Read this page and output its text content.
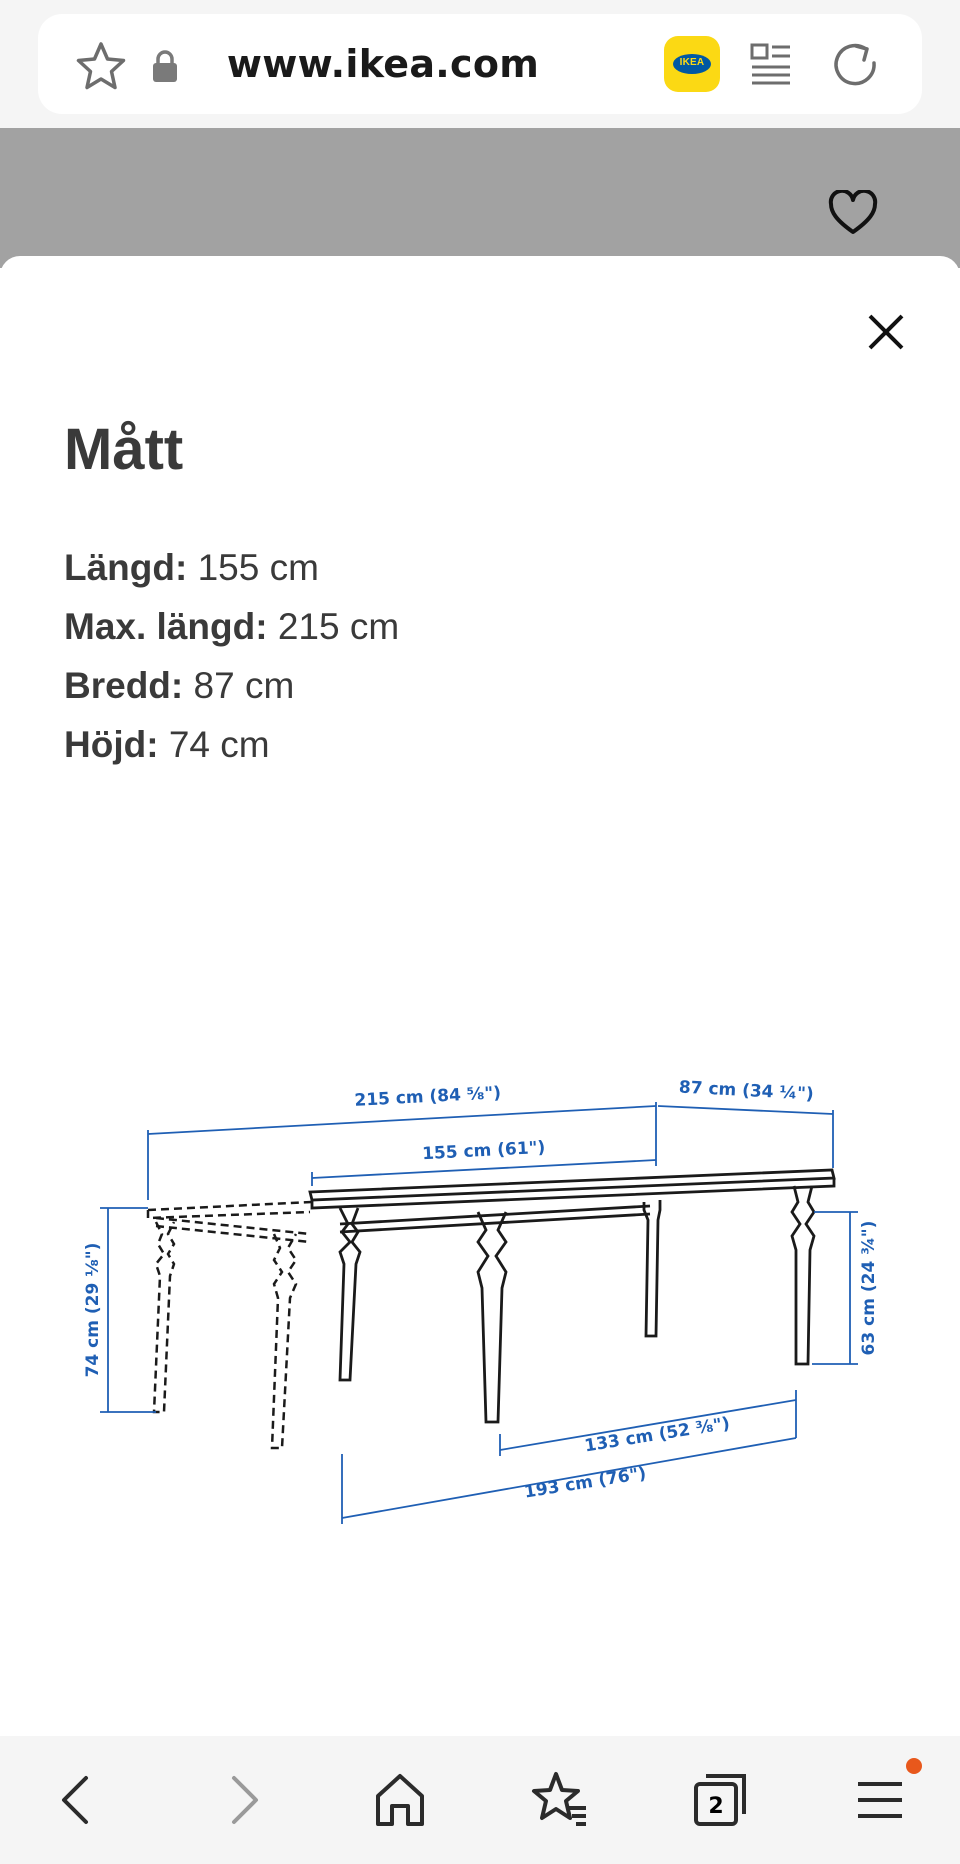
www.ikea.com	IKEA
Mått
Längd: 155 cm
Max. längd: 215 cm
Bredd: 87 cm
Höjd: 74 cm
215 cm (84 ⅝")
155 cm (61")
87 cm (34 ¼")
74 cm (29 ⅛")	63 cm (24 ¾")
133 cm (52 ⅜")
193 cm (76")
2
